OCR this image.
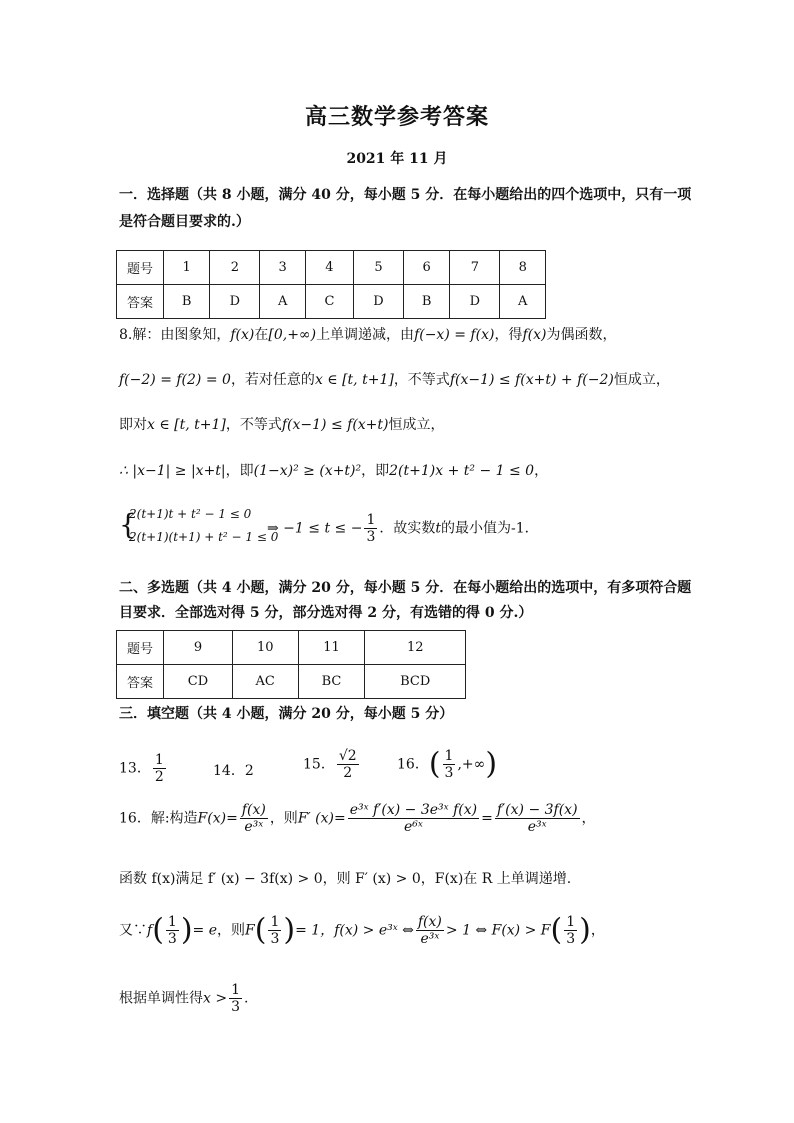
高三数学参考答案
2021 年 11 月
一．选择题（共 8 小题，满分 40 分，每小题 5 分．在每小题给出的四个选项中，只有一项
是符合题目要求的.）
题号	1	2	3	4	5	6	7	8
答案	B	D	A	C	D	B	D	A
8.解：由图象知，f(x)在[0,+∞)上单调递减，由f(−x) = f(x)，得f(x)为偶函数，
f(−2) = f(2) = 0，若对任意的x ∈ [t, t+1]，不等式f(x−1) ≤ f(x+t) + f(−2)恒成立，
即对x ∈ [t, t+1]，不等式f(x−1) ≤ f(x+t)恒成立，
∴ |x−1| ≥ |x+t|，即(1−x)² ≥ (x+t)²，即2(t+1)x + t² − 1 ≤ 0，
{
2(t+1)t + t² − 1 ≤ 0
2(t+1)(t+1) + t² − 1 ≤ 0
⇒ −1 ≤ t ≤ − $\frac{1}{3}$ ．故实数t的最小值为-1．
二、多选题（共 4 小题，满分 20 分，每小题 5 分．在每小题给出的选项中，有多项符合题
目要求．全部选对得 5 分，部分选对得 2 分，有选错的得 0 分.）
题号	9	10	11	12
答案	CD	AC	BC	BCD
三．填空题（共 4 小题，满分 20 分，每小题 5 分）
13． $\frac{1}{2}$	14．2	15． $\frac{√2}{2}$	16．( $\frac{1}{3}$ ,+∞)
16．解:构造$F(x)= \frac{f(x)}{\text{e³ˣ}}$ ，则F′ $(x)= \frac{\text{e³ˣ f′(x) − 3e³ˣ f(x)}}{\text{e⁶ˣ}} = \frac{f'(x) - 3f(x)}{\text{e³ˣ}}$ ，
函数 f(x)满足 f′ (x) − 3f(x) > 0，则 F′ (x) > 0，F(x)在 R 上单调递增.
又∵f( $\frac{1}{3}$ )= e，则$F( \frac{1}{3}$ )= 1，f(x) > e³ˣ ⇔ $\frac{f(x)}{\text{e³ˣ}} > 1$ ⇔ $F(x) > F( \frac{1}{3}$ )，
根据单调性得$x > \frac{1}{3}$ .
